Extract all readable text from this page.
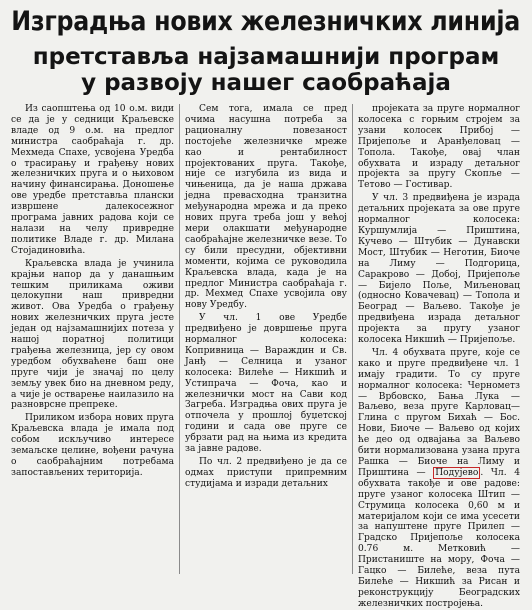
Изградња нових железничких линија
претставља најзамашнији програм
у развоју нашег саобраћаја

Из саопштења од 10 о.м. види се да је у седници Краљевске владе од 9 о.м. на предлог министра саобраћаја г. др. Мехмеда Спахе, усвојена Уредба о трасирању и грађењу нових железничких пруга и о њиховом начину финансирања. Доношење ове уредбе претставља плански извршене далекосежног програма јавних радова који се налази на челу привредне политике Владе г. др. Милана Стојадиновића.

Краљевска влада је учинила крајњи напор да у данашњим тешким приликама оживи целокупни наш привредни живот. Ова Уредба о грађењу нових железничких пруга јесте један од најзамашнијих потеза у нашој поратној политици грађења железница, јер су овом уредбом обухваћене баш оне пруге чији је значај по целу земљу увек био на дневном реду, а чије је остварење наилазило на разноврсне препреке.

Приликом избора нових пруга Краљевска влада је имала под собом искључиво интересе земаљске целине, вођени рачуна о саобраћајним потребама запостављених територија.

Сем тога, имала се пред очима насушна потреба за рационалну повезаност постојеће железничке мреже као и рентабилност пројектованих пруга. Такође, није се изгубила из вида и чињеница, да је наша држава једна превасходна транзитна међународна мрежа и да преко нових пруга треба још у већој мери олакшати међународне саобраћајне железничке везе. То су били пресудни, објективни моменти, којима се руководила Краљевска влада, када је на предлог Министра саобраћаја г. др. Мехмед Спахе усвојила ову нову Уредбу.

У чл. 1 ове Уредбе предвиђено је довршење пруга нормалног колосека: Копривница — Вараждин и Св. Јанђ — Селница и узаног колосека: Вилеће — Никшић и Устипрача — Фоча, као и железнички мост на Сави код Загреба. Изградња ових пруга је отпочела у прошлој буџетској години и сада ове пруге се убрзати рад на њима из кредита за јавне радове.

По чл. 2 предвиђено је да се одмах приступи припремним студијама и изради детаљних

пројеката за пруге нормалног колосека с горњим стројем за узани колосек Прибој — Пријепоље и Аранђеловац — Топола. Такође, овај члан обухвата и израду детаљног пројекта за пругу Скопље — Тетово — Гостивар.

У чл. 3 предвиђена је израда детаљних пројеката за ове пруге нормалног колосека: Куршумлија — Приштина, Кучево — Штубик — Дунавски Мост, Штубик — Неготин, Биоче на Лиму — Подгорица, Саракрово — Добој, Пријепоље — Бијело Поље, Миљеновац (односно Ковачевац) — Топола и Београд — Ваљево. Такође је предвиђена израда детаљног пројекта за пругу узаног колосека Никшић — Пријепоље.

Чл. 4 обухвата пруге, које се како и пруге предвиђене чл. 1 имају градити. То су пруге нормалног колосека: Чернометз — Врбовско, Бања Лука — Ваљево, веза пруге Карловац—Глина с пругом Бихаћ — Бос. Нови, Биоче — Ваљево од којих ће део од одвајања за Ваљево бити нормализована узана пруга Рашка — Биоче на Лиму и Приштина — Подујево . Чл. 4 обухвата такође и ове радове: пруге узаног колосека Штип — Струмица колосека 0,60 м и материјалом који се има усесети за напуштене пруге Прилеп — Градско Пријепоље колосека 0.76 м. Метковић — Пристаниште на мору, Фоча — Гацко — Билеће, веза пута Билеће — Никшић за Рисан и реконструкцију Београдских железничких постројења.
